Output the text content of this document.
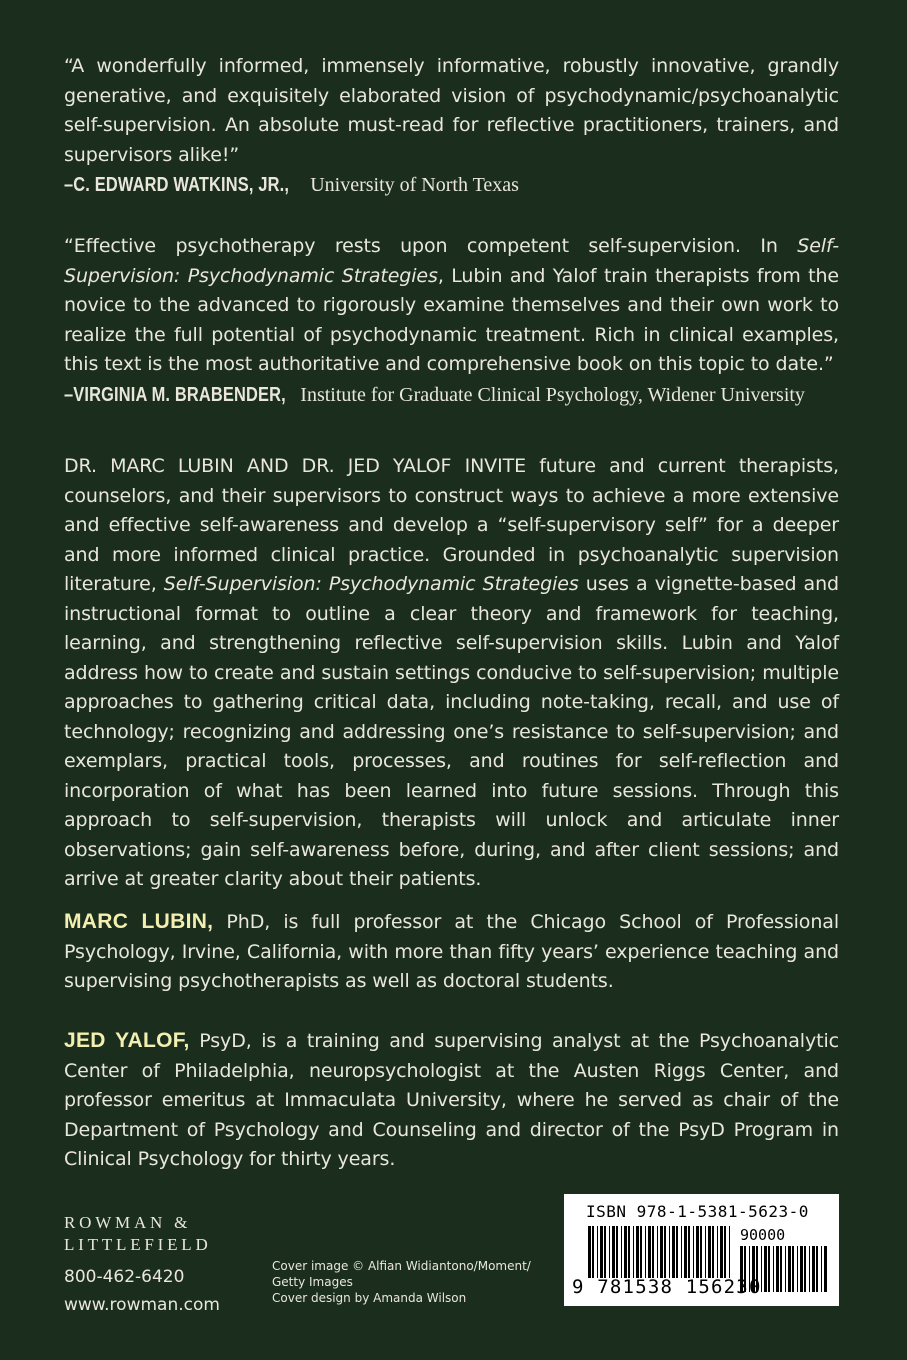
“A wonderfully informed, immensely informative, robustly innovative, grandly generative, and exquisitely elaborated vision of psychodynamic/psychoanalytic self-supervision. An absolute must-read for reflective practitioners, trainers, and supervisors alike!”

–C. EDWARD WATKINS, JR., University of North Texas

“Effective psychotherapy rests upon competent self-supervision. In Self-Supervision: Psychodynamic Strategies, Lubin and Yalof train therapists from the novice to the advanced to rigorously examine themselves and their own work to realize the full potential of psychodynamic treatment. Rich in clinical examples, this text is the most authoritative and comprehensive book on this topic to date.”

–VIRGINIA M. BRABENDER, Institute for Graduate Clinical Psychology, Widener University

DR. MARC LUBIN AND DR. JED YALOF INVITE future and current therapists, counselors, and their supervisors to construct ways to achieve a more extensive and effective self-awareness and develop a “self-supervisory self” for a deeper and more informed clinical practice. Grounded in psychoanalytic supervision literature, Self-Supervision: Psychodynamic Strategies uses a vignette-based and instructional format to outline a clear theory and framework for teaching, learning, and strengthening reflective self-supervision skills. Lubin and Yalof address how to create and sustain settings conducive to self-supervision; multiple approaches to gathering critical data, including note-taking, recall, and use of technology; recognizing and addressing one’s resistance to self-supervision; and exemplars, practical tools, processes, and routines for self-reflection and incorporation of what has been learned into future sessions. Through this approach to self-supervision, therapists will unlock and articulate inner observations; gain self-awareness before, during, and after client sessions; and arrive at greater clarity about their patients.

MARC LUBIN, PhD, is full professor at the Chicago School of Professional Psychology, Irvine, California, with more than fifty years’ experience teaching and supervising psychotherapists as well as doctoral students.

JED YALOF, PsyD, is a training and supervising analyst at the Psychoanalytic Center of Philadelphia, neuropsychologist at the Austen Riggs Center, and professor emeritus at Immaculata University, where he served as chair of the Department of Psychology and Counseling and director of the PsyD Program in Clinical Psychology for thirty years.

ROWMAN &
LITTLEFIELD
800-462-6420
www.rowman.com
Cover image © Alfian Widiantono/Moment/
Getty Images
Cover design by Amanda Wilson
ISBN 978-1-5381-5623-0
90000
9 781538 156230
